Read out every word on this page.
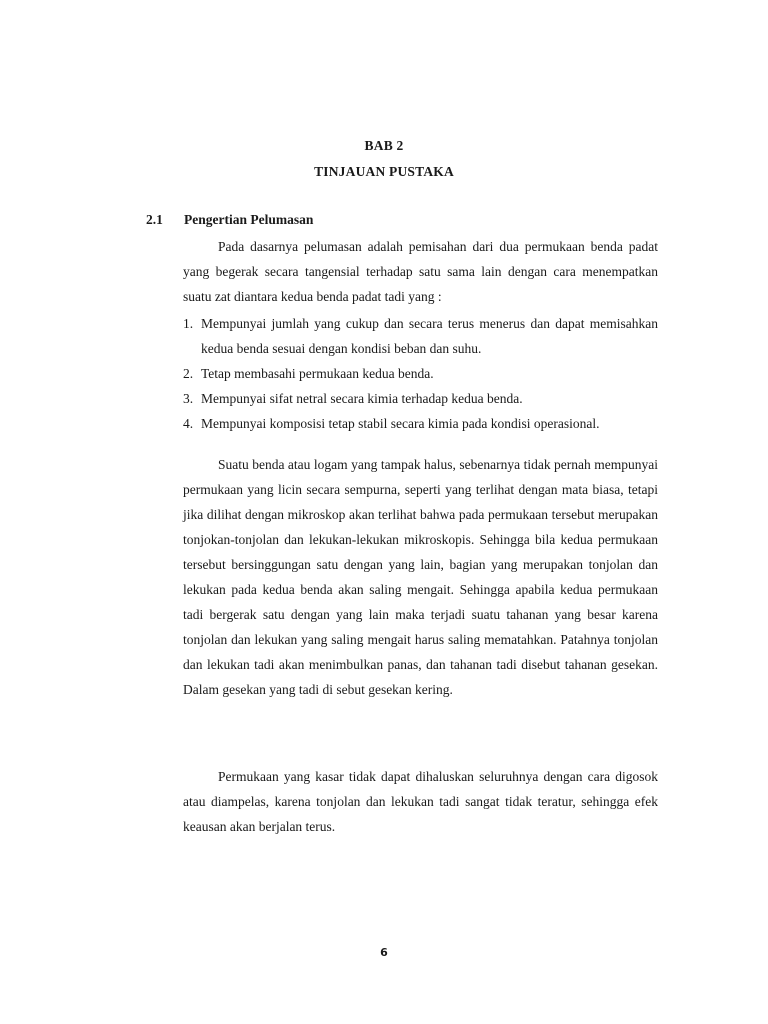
BAB 2
TINJAUAN PUSTAKA
2.1 Pengertian Pelumasan

Pada dasarnya pelumasan adalah pemisahan dari dua permukaan benda padat yang begerak secara tangensial terhadap satu sama lain dengan cara menempatkan suatu zat diantara kedua benda padat tadi yang :

1. Mempunyai jumlah yang cukup dan secara terus menerus dan dapat memisahkan kedua benda sesuai dengan kondisi beban dan suhu.
2. Tetap membasahi permukaan kedua benda.
3. Mempunyai sifat netral secara kimia terhadap kedua benda.
4. Mempunyai komposisi tetap stabil secara kimia pada kondisi operasional.

Suatu benda atau logam yang tampak halus, sebenarnya tidak pernah mempunyai permukaan yang licin secara sempurna, seperti yang terlihat dengan mata biasa, tetapi jika dilihat dengan mikroskop akan terlihat bahwa pada permukaan tersebut merupakan tonjokan-tonjolan dan lekukan-lekukan mikroskopis. Sehingga bila kedua permukaan tersebut bersinggungan satu dengan yang lain, bagian yang merupakan tonjolan dan lekukan pada kedua benda akan saling mengait. Sehingga apabila kedua permukaan tadi bergerak satu dengan yang lain maka terjadi suatu tahanan yang besar karena tonjolan dan lekukan yang saling mengait harus saling mematahkan. Patahnya tonjolan dan lekukan tadi akan menimbulkan panas, dan tahanan tadi disebut tahanan gesekan. Dalam gesekan yang tadi di sebut gesekan kering.

Permukaan yang kasar tidak dapat dihaluskan seluruhnya dengan cara digosok atau diampelas, karena tonjolan dan lekukan tadi sangat tidak teratur, sehingga efek keausan akan berjalan terus.

6
